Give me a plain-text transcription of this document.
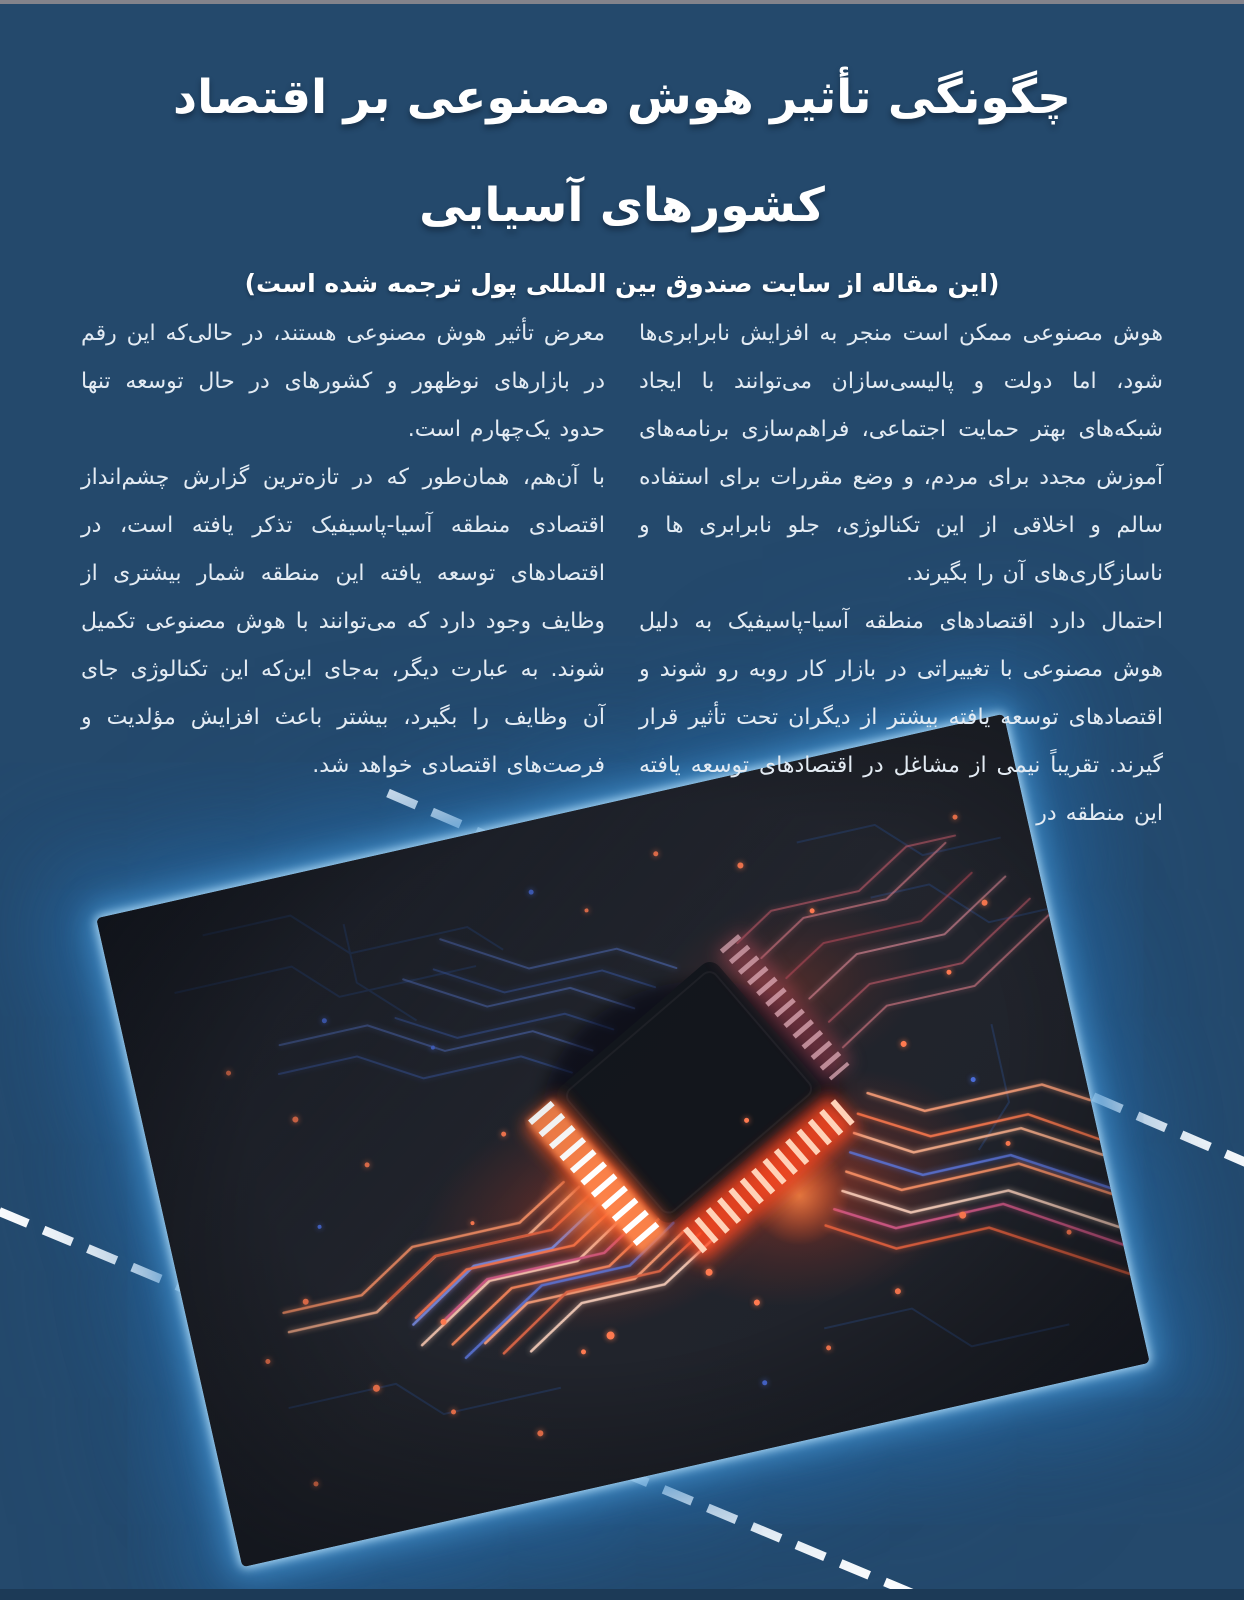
چگونگی تأثیر هوش مصنوعی بر اقتصاد
کشورهای آسیایی
(این مقاله از سایت صندوق بین المللی پول ترجمه شده است)

هوش مصنوعی ممکن است منجر به افزایش نابرابری‌ها شود، اما دولت و پالیسی‌سازان می‌توانند با ایجاد شبکه‌های بهتر حمایت اجتماعی، فراهم‌سازی برنامه‌های آموزش مجدد برای مردم، و وضع مقررات برای استفاده سالم و اخلاقی از این تکنالوژی، جلو نابرابری ها و ناسازگاری‌های آن را بگیرند.

احتمال دارد اقتصادهای منطقه آسیا-پاسیفیک به دلیل هوش مصنوعی با تغییراتی در بازار کار روبه رو شوند و اقتصادهای توسعه یافته بیشتر از دیگران تحت تأثیر قرار گیرند. تقریباً نیمی از مشاغل در اقتصادهای توسعه یافته این منطقه در

معرض تأثیر هوش مصنوعی هستند، در حالی‌که این رقم در بازارهای نوظهور و کشورهای در حال توسعه تنها حدود یک‌چهارم است.

با آن‌هم، همان‌طور که در تازه‌ترین گزارش چشم‌انداز اقتصادی منطقه آسیا-پاسیفیک تذکر یافته است، در اقتصادهای توسعه یافته این منطقه شمار بیشتری از وظایف وجود دارد که می‌توانند با هوش مصنوعی تکمیل شوند. به عبارت دیگر، به‌جای این‌که این تکنالوژی جای آن وظایف را بگیرد، بیشتر باعث افزایش مؤلدیت و فرصت‌های اقتصادی خواهد شد.
